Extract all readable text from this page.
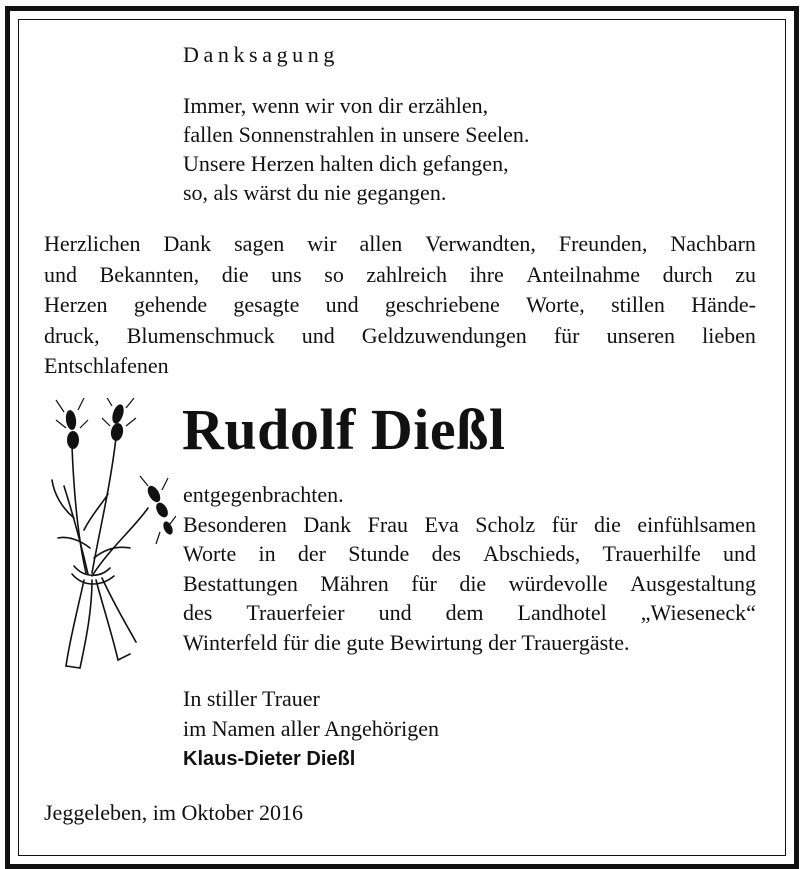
Danksagung
Immer, wenn wir von dir erzählen,
fallen Sonnenstrahlen in unsere Seelen.
Unsere Herzen halten dich gefangen,
so, als wärst du nie gegangen.
Herzlichen Dank sagen wir allen Verwandten, Freunden, Nachbarn
und Bekannten, die uns so zahlreich ihre Anteilnahme durch zu
Herzen gehende gesagte und geschriebene Worte, stillen Hände-
druck, Blumenschmuck und Geldzuwendungen für unseren lieben
Entschlafenen
Rudolf Dießl
entgegenbrachten.
Besonderen Dank Frau Eva Scholz für die einfühlsamen
Worte in der Stunde des Abschieds, Trauerhilfe und
Bestattungen Mähren für die würdevolle Ausgestaltung
des Trauerfeier und dem Landhotel „Wieseneck“
Winterfeld für die gute Bewirtung der Trauergäste.
In stiller Trauer
im Namen aller Angehörigen
Klaus-Dieter Dießl
Jeggeleben, im Oktober 2016
